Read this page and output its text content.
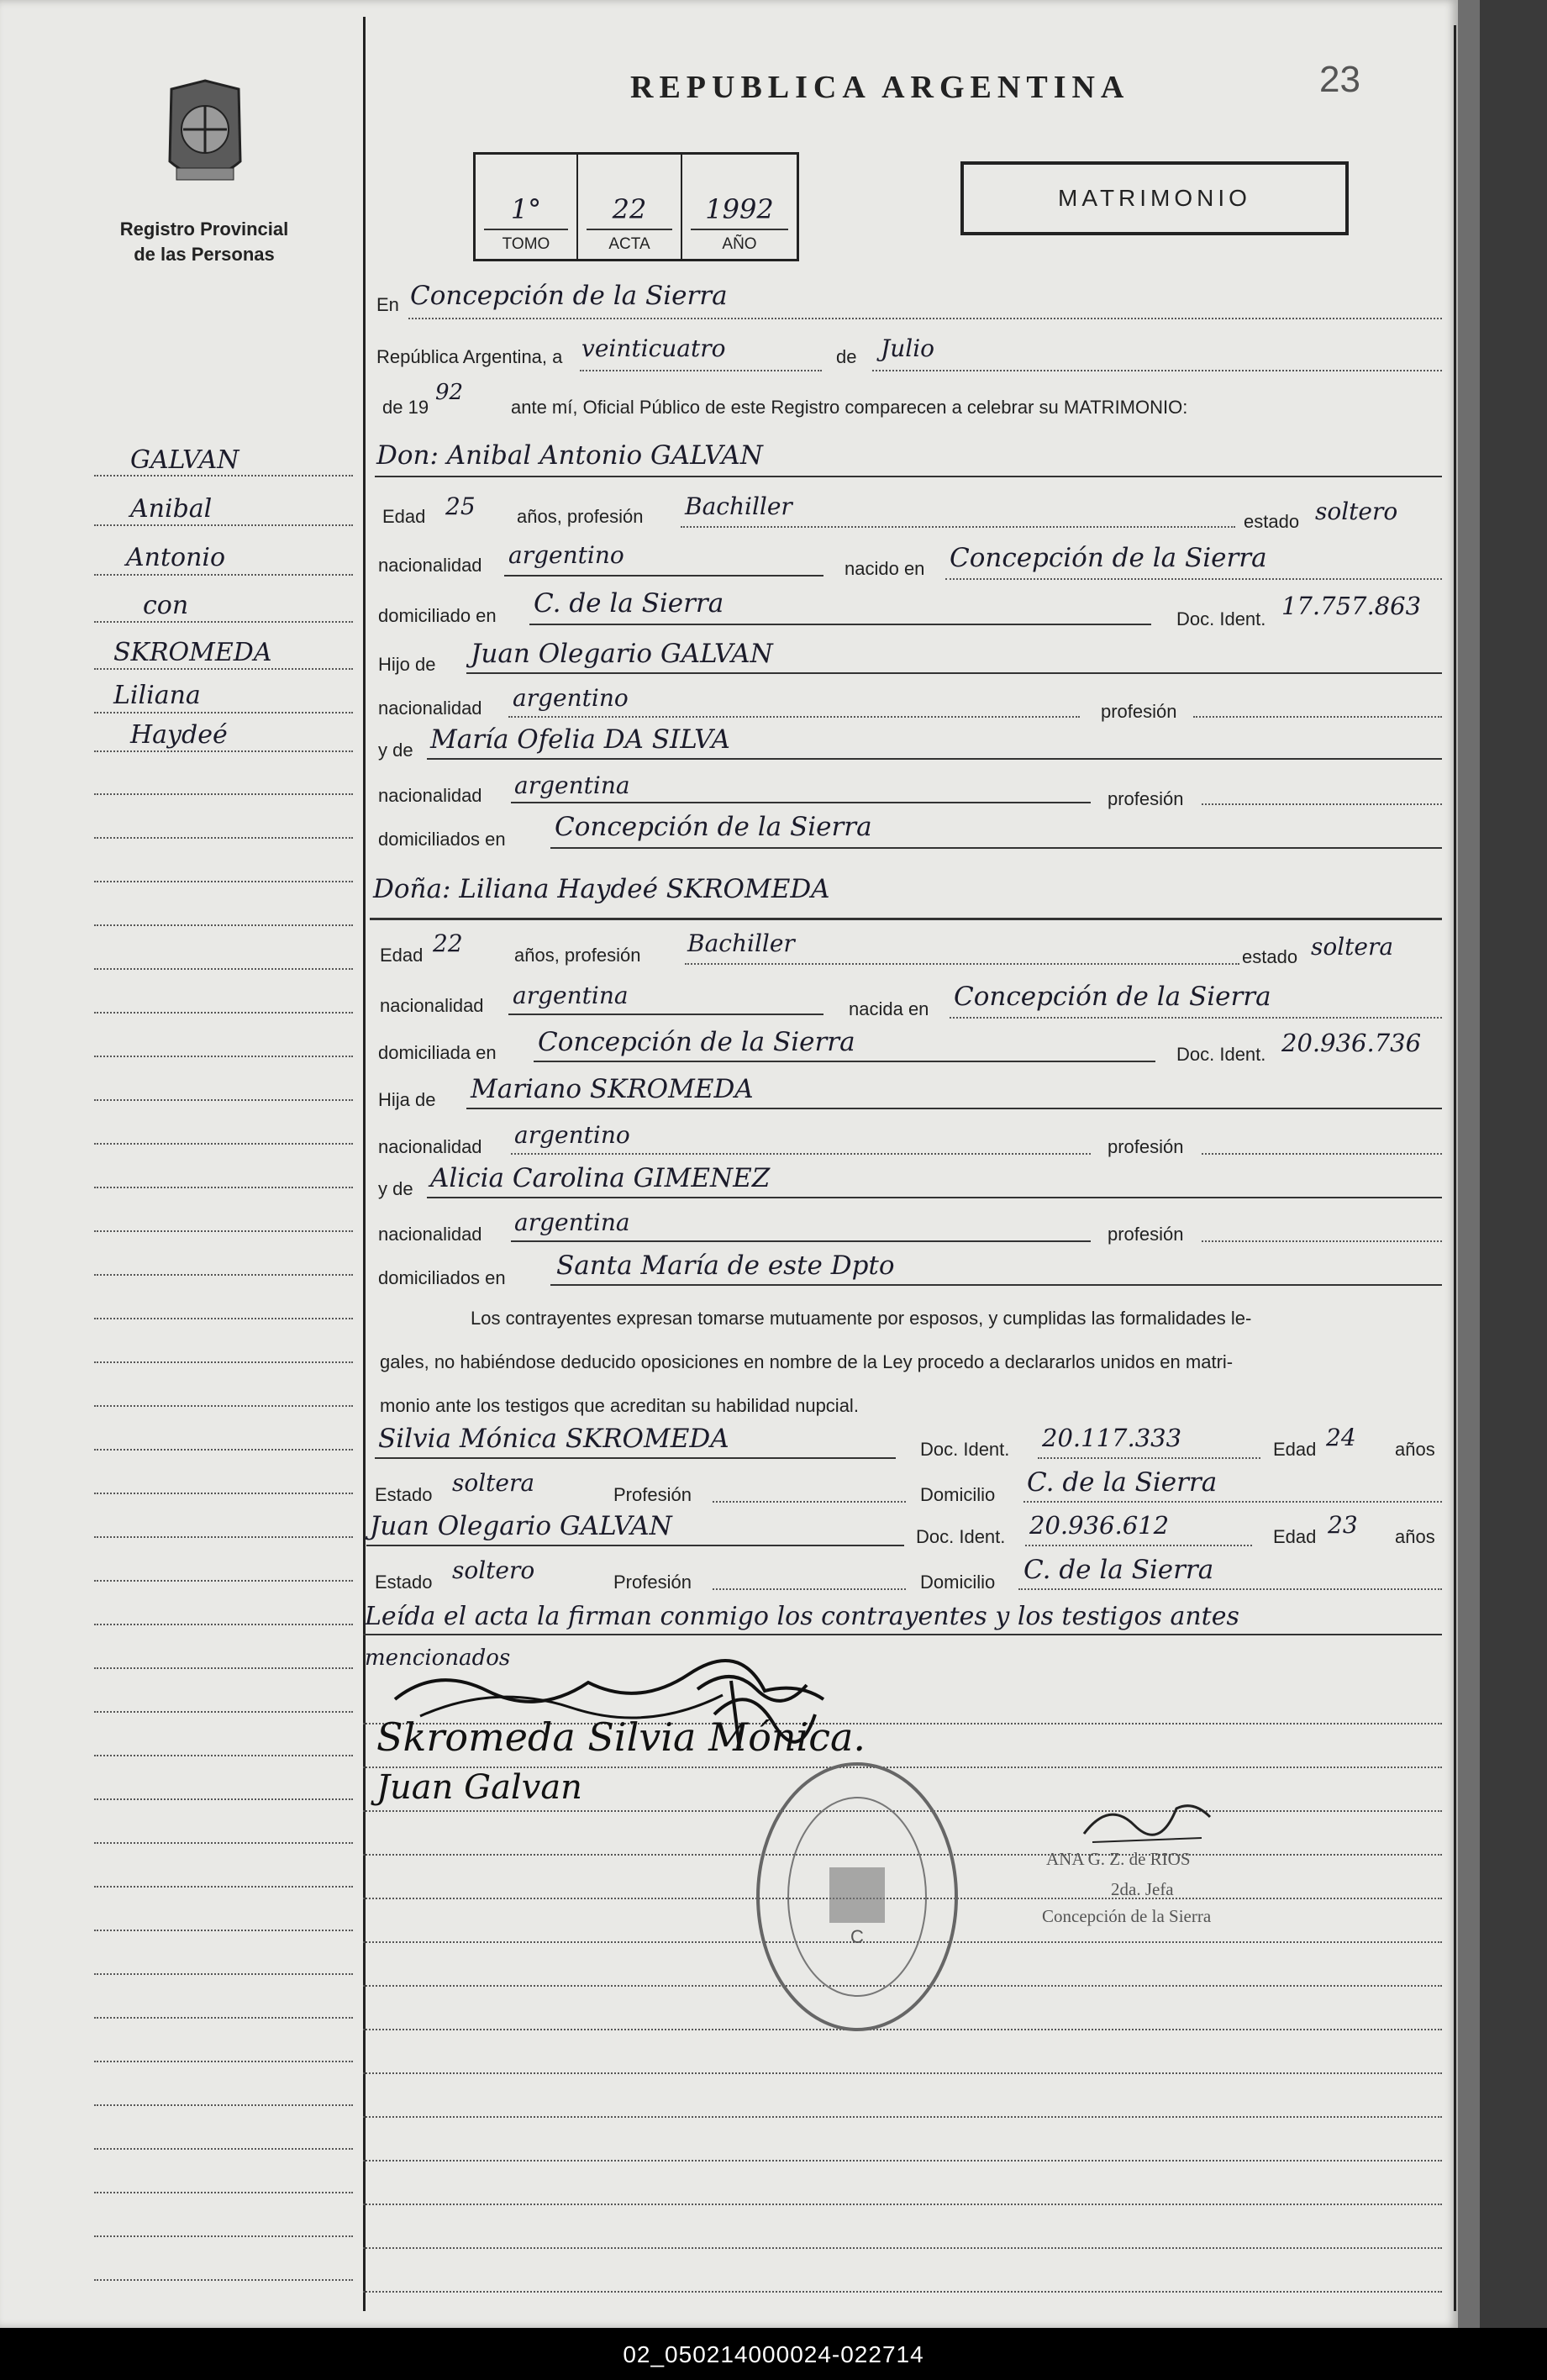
Registro Provincial
de las Personas
REPUBLICA ARGENTINA	23
1°
TOMO
22
ACTA
1992
AÑO
MATRIMONIO
GALVAN
Anibal
Antonio
con
SKROMEDA
Liliana
Haydeé
En Concepción de la Sierra
República Argentina, a veinticuatro	de Julio
de 19
92
ante mí, Oficial Público de este Registro comparecen a celebrar su MATRIMONIO:
Don: Anibal Antonio GALVAN
Edad 25 años, profesión Bachiller
estado soltero
nacionalidad argentino	nacido en Concepción de la Sierra
domiciliado en C. de la Sierra
Doc. Ident. 17.757.863
Hijo de Juan Olegario GALVAN
nacionalidad argentino	profesión
y de María Ofelia DA SILVA
nacionalidad argentina	profesión
domiciliados en Concepción de la Sierra
Doña: Liliana Haydeé SKROMEDA
Edad 22	años, profesión Bachiller	estado soltera
nacionalidad argentina	nacida en Concepción de la Sierra
domiciliada en Concepción de la Sierra	Doc. Ident. 20.936.736
Hija de Mariano SKROMEDA
nacionalidad argentino	profesión
y de Alicia Carolina GIMENEZ
nacionalidad argentina	profesión
domiciliados en Santa María de este Dpto
Los contrayentes expresan tomarse mutuamente por esposos, y cumplidas las formalidades le-
gales, no habiéndose deducido oposiciones en nombre de la Ley procedo a declararlos unidos en matri-
monio ante los testigos que acreditan su habilidad nupcial.
Silvia Mónica SKROMEDA	Doc. Ident. 20.117.333	Edad 24 años
Estado soltera	Profesión	Domicilio C. de la Sierra
Juan Olegario GALVAN	Doc. Ident. 20.936.612	Edad 23 años
Estado soltero	Profesión	Domicilio C. de la Sierra
Leída el acta la firman conmigo los contrayentes y los testigos antes
mencionados
Skromeda Silvia Mónica.
Juan Galvan
C
ANA G. Z. de RIOS
2da. Jefa
Concepción de la Sierra
02_050214000024-022714
